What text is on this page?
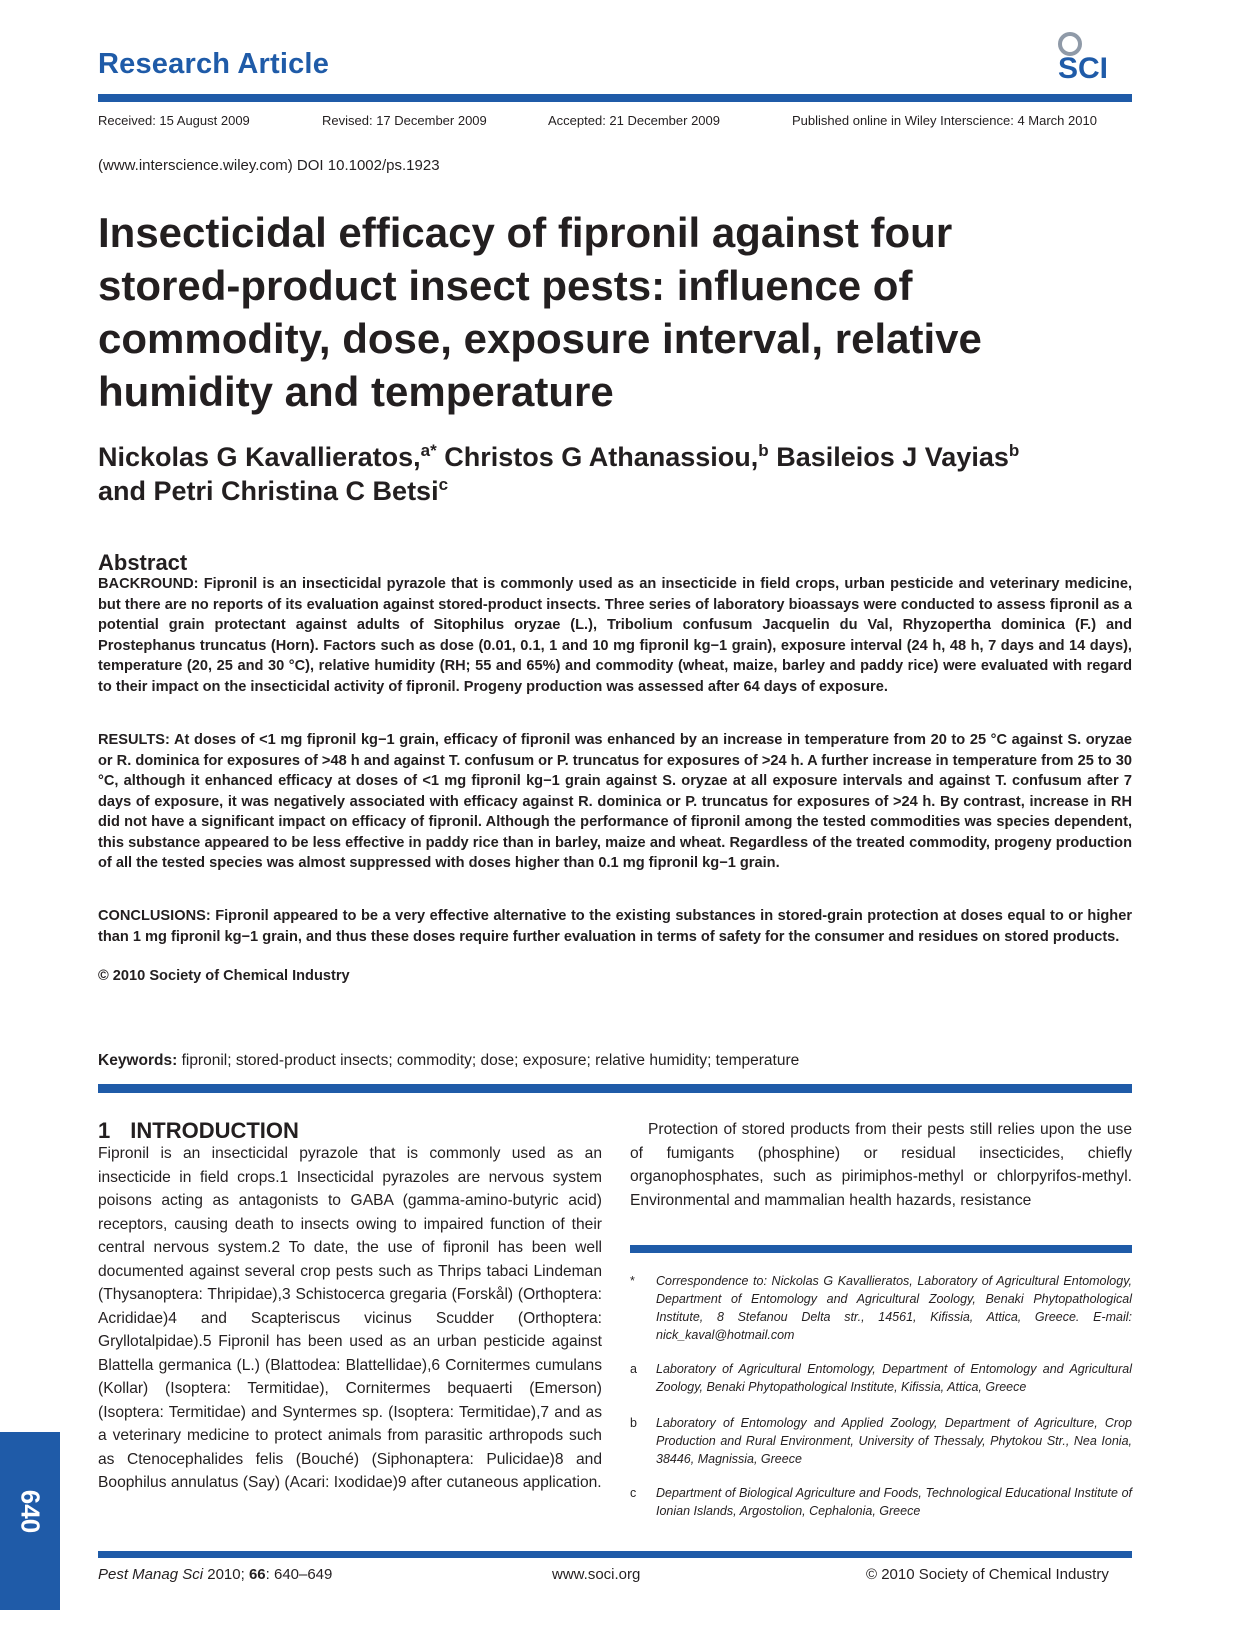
Research Article	SCI
Received: 15 August 2009	Revised: 17 December 2009	Accepted: 21 December 2009	Published online in Wiley Interscience: 4 March 2010
(www.interscience.wiley.com) DOI 10.1002/ps.1923
Insecticidal efficacy of fipronil against four stored-product insect pests: influence of commodity, dose, exposure interval, relative humidity and temperature
Nickolas G Kavallieratos,$^{a*}$ Christos G Athanassiou,$^b$ Basileios J Vayias$^b$
and Petri Christina C Betsi$^c$
Abstract
BACKROUND: Fipronil is an insecticidal pyrazole that is commonly used as an insecticide in field crops, urban pesticide and veterinary medicine, but there are no reports of its evaluation against stored-product insects. Three series of laboratory bioassays were conducted to assess fipronil as a potential grain protectant against adults of Sitophilus oryzae (L.), Tribolium confusum Jacquelin du Val, Rhyzopertha dominica (F.) and Prostephanus truncatus (Horn). Factors such as dose (0.01, 0.1, 1 and 10 mg fipronil kg−1 grain), exposure interval (24 h, 48 h, 7 days and 14 days), temperature (20, 25 and 30 °C), relative humidity (RH; 55 and 65%) and commodity (wheat, maize, barley and paddy rice) were evaluated with regard to their impact on the insecticidal activity of fipronil. Progeny production was assessed after 64 days of exposure.
RESULTS: At doses of <1 mg fipronil kg−1 grain, efficacy of fipronil was enhanced by an increase in temperature from 20 to 25 °C against S. oryzae or R. dominica for exposures of >48 h and against T. confusum or P. truncatus for exposures of >24 h. A further increase in temperature from 25 to 30 °C, although it enhanced efficacy at doses of <1 mg fipronil kg−1 grain against S. oryzae at all exposure intervals and against T. confusum after 7 days of exposure, it was negatively associated with efficacy against R. dominica or P. truncatus for exposures of >24 h. By contrast, increase in RH did not have a significant impact on efficacy of fipronil. Although the performance of fipronil among the tested commodities was species dependent, this substance appeared to be less effective in paddy rice than in barley, maize and wheat. Regardless of the treated commodity, progeny production of all the tested species was almost suppressed with doses higher than 0.1 mg fipronil kg−1 grain.
CONCLUSIONS: Fipronil appeared to be a very effective alternative to the existing substances in stored-grain protection at doses equal to or higher than 1 mg fipronil kg−1 grain, and thus these doses require further evaluation in terms of safety for the consumer and residues on stored products.
© 2010 Society of Chemical Industry
Keywords: fipronil; stored-product insects; commodity; dose; exposure; relative humidity; temperature
1 INTRODUCTION
Fipronil is an insecticidal pyrazole that is commonly used as an insecticide in field crops.1 Insecticidal pyrazoles are nervous system poisons acting as antagonists to GABA (gamma-amino-butyric acid) receptors, causing death to insects owing to impaired function of their central nervous system.2 To date, the use of fipronil has been well documented against several crop pests such as Thrips tabaci Lindeman (Thysanoptera: Thripidae),3 Schistocerca gregaria (Forskål) (Orthoptera: Acrididae)4 and Scapteriscus vicinus Scudder (Orthoptera: Gryllotalpidae).5 Fipronil has been used as an urban pesticide against Blattella germanica (L.) (Blattodea: Blattellidae),6 Cornitermes cumulans (Kollar) (Isoptera: Termitidae), Cornitermes bequaerti (Emerson) (Isoptera: Termitidae) and Syntermes sp. (Isoptera: Termitidae),7 and as a veterinary medicine to protect animals from parasitic arthropods such as Ctenocephalides felis (Bouché) (Siphonaptera: Pulicidae)8 and Boophilus annulatus (Say) (Acari: Ixodidae)9 after cutaneous application.
Protection of stored products from their pests still relies upon the use of fumigants (phosphine) or residual insecticides, chiefly organophosphates, such as pirimiphos-methyl or chlorpyrifos-methyl. Environmental and mammalian health hazards, resistance
* Correspondence to: Nickolas G Kavallieratos, Laboratory of Agricultural Entomology, Department of Entomology and Agricultural Zoology, Benaki Phytopathological Institute, 8 Stefanou Delta str., 14561, Kifissia, Attica, Greece. E-mail: nick_kaval@hotmail.com
a Laboratory of Agricultural Entomology, Department of Entomology and Agricultural Zoology, Benaki Phytopathological Institute, Kifissia, Attica, Greece
b Laboratory of Entomology and Applied Zoology, Department of Agriculture, Crop Production and Rural Environment, University of Thessaly, Phytokou Str., Nea Ionia, 38446, Magnissia, Greece
c Department of Biological Agriculture and Foods, Technological Educational Institute of Ionian Islands, Argostolion, Cephalonia, Greece
640
Pest Manag Sci 2010; 66: 640–649	www.soci.org	© 2010 Society of Chemical Industry
